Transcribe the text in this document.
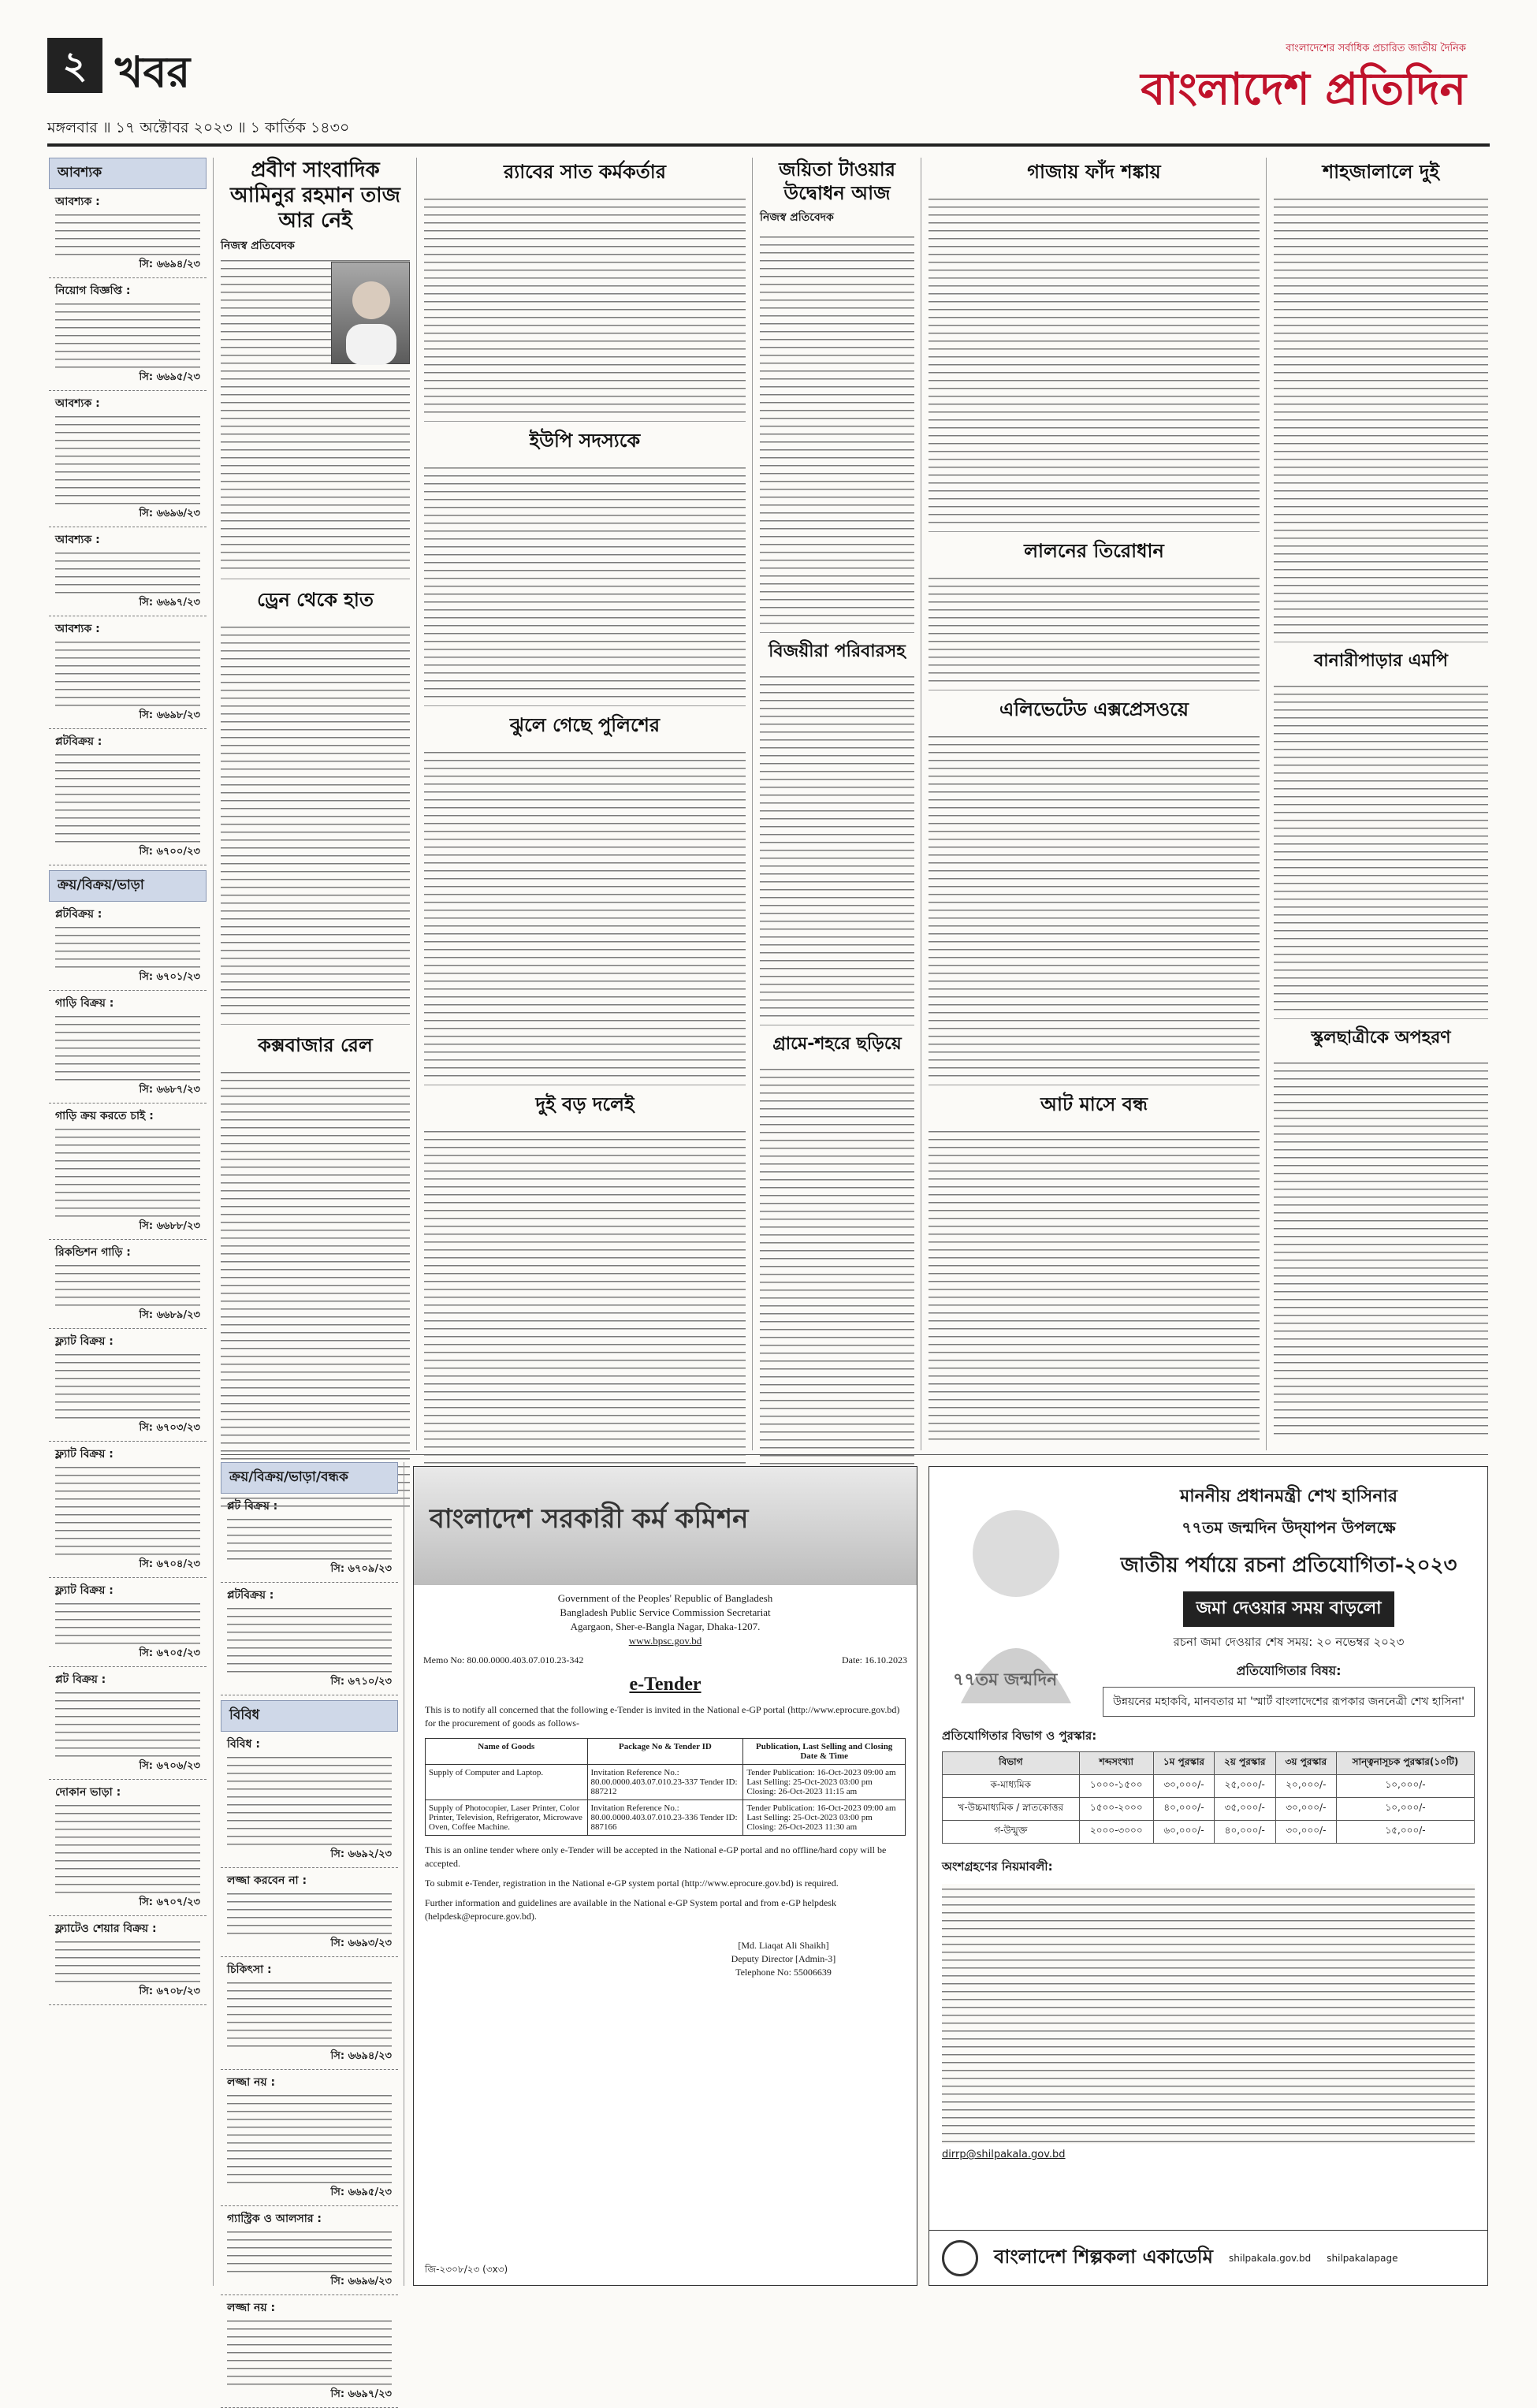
২ খবর
মঙ্গলবার ॥ ১৭ অক্টোবর ২০২৩ ॥ ১ কার্তিক ১৪৩০
বাংলাদেশের সর্বাধিক প্রচারিত জাতীয় দৈনিক
বাংলাদেশ প্রতিদিন
আবশ্যক
আবশ্যক :
সি: ৬৬৯৪/২৩
নিয়োগ বিজ্ঞপ্তি :
সি: ৬৬৯৫/২৩
আবশ্যক :
সি: ৬৬৯৬/২৩
আবশ্যক :
সি: ৬৬৯৭/২৩
আবশ্যক :
সি: ৬৬৯৮/২৩
প্লটবিক্রয় :
সি: ৬৭০০/২৩
ক্রয়/বিক্রয়/ভাড়া
প্লটবিক্রয় :
সি: ৬৭০১/২৩
গাড়ি বিক্রয় :
সি: ৬৬৮৭/২৩
গাড়ি ক্রয় করতে চাই :
সি: ৬৬৮৮/২৩
রিকন্ডিশন গাড়ি :
সি: ৬৬৮৯/২৩
ফ্ল্যাট বিক্রয় :
সি: ৬৭০৩/২৩
ফ্ল্যাট বিক্রয় :
সি: ৬৭০৪/২৩
ফ্ল্যাট বিক্রয় :
সি: ৬৭০৫/২৩
প্লট বিক্রয় :
সি: ৬৭০৬/২৩
দোকান ভাড়া :
সি: ৬৭০৭/২৩
ফ্ল্যাটেও শেয়ার বিক্রয় :
সি: ৬৭০৮/২৩
প্রবীণ সাংবাদিক আমিনুর রহমান তাজ আর নেই
নিজস্ব প্রতিবেদক
ড্রেন থেকে হাত
কক্সবাজার রেল
র‌্যাবের সাত কর্মকর্তার
ইউপি সদস্যকে
ঝুলে গেছে পুলিশের
দুই বড় দলেই
জয়িতা টাওয়ার উদ্বোধন আজ
নিজস্ব প্রতিবেদক
বিজয়ীরা পরিবারসহ
গ্রামে-শহরে ছড়িয়ে
গাজায় ফাঁদ শঙ্কায়
লালনের তিরোধান
এলিভেটেড এক্সপ্রেসওয়ে
আট মাসে বন্ধ
শাহজালালে দুই
বানারীপাড়ার এমপি
স্কুলছাত্রীকে অপহরণ
ক্রয়/বিক্রয়/ভাড়া/বন্ধক
প্লট বিক্রয় :
সি: ৬৭০৯/২৩
প্লটবিক্রয় :
সি: ৬৭১০/২৩
বিবিধ
বিবিধ :
সি: ৬৬৯২/২৩
লজ্জা করবেন না :
সি: ৬৬৯৩/২৩
চিকিৎসা :
সি: ৬৬৯৪/২৩
লজ্জা নয় :
সি: ৬৬৯৫/২৩
গ্যাস্ট্রিক ও আলসার :
সি: ৬৬৯৬/২৩
লজ্জা নয় :
সি: ৬৬৯৭/২৩
বাংলাদেশ সরকারী কর্ম কমিশন
Government of the Peoples' Republic of Bangladesh
Bangladesh Public Service Commission Secretariat
Agargaon, Sher-e-Bangla Nagar, Dhaka-1207.
www.bpsc.gov.bd
Memo No: 80.00.0000.403.07.010.23-342	Date: 16.10.2023
e-Tender
This is to notify all concerned that the following e-Tender is invited in the National e-GP portal (http://www.eprocure.gov.bd) for the procurement of goods as follows-
Name of Goods	Package No & Tender ID	Publication, Last Selling and Closing Date & Time
Supply of Computer and Laptop.	Invitation Reference No.: 80.00.0000.403.07.010.23-337 Tender ID: 887212	Tender Publication: 16-Oct-2023 09:00 am Last Selling: 25-Oct-2023 03:00 pm Closing: 26-Oct-2023 11:15 am
Supply of Photocopier, Laser Printer, Color Printer, Television, Refrigerator, Microwave Oven, Coffee Machine.	Invitation Reference No.: 80.00.0000.403.07.010.23-336 Tender ID: 887166	Tender Publication: 16-Oct-2023 09:00 am Last Selling: 25-Oct-2023 03:00 pm Closing: 26-Oct-2023 11:30 am

This is an online tender where only e-Tender will be accepted in the National e-GP portal and no offline/hard copy will be accepted.

To submit e-Tender, registration in the National e-GP system portal (http://www.eprocure.gov.bd) is required.

Further information and guidelines are available in the National e-GP System portal and from e-GP helpdesk (helpdesk@eprocure.gov.bd).

[Md. Liaqat Ali Shaikh]
Deputy Director [Admin-3]
Telephone No: 55006639
জি-২৩০৮/২৩ (৩x৩)
৭৭তম জন্মদিন
মাননীয় প্রধানমন্ত্রী শেখ হাসিনার
৭৭তম জন্মদিন উদ্‌যাপন উপলক্ষে
জাতীয় পর্যায়ে রচনা প্রতিযোগিতা-২০২৩
জমা দেওয়ার সময় বাড়লো
রচনা জমা দেওয়ার শেষ সময়: ২০ নভেম্বর ২০২৩
প্রতিযোগিতার বিষয়:
উন্নয়নের মহাকবি, মানবতার মা 'স্মার্ট বাংলাদেশের রূপকার জননেত্রী শেখ হাসিনা'
প্রতিযোগিতার বিভাগ ও পুরস্কার:
বিভাগ	শব্দসংখ্যা	১ম পুরস্কার	২য় পুরস্কার	৩য় পুরস্কার	সান্ত্বনাসূচক পুরস্কার(১০টি)
ক-মাধ্যমিক	১০০০-১৫০০	৩০,০০০/-	২৫,০০০/-	২০,০০০/-	১০,০০০/-
খ-উচ্চমাধ্যমিক / স্নাতকোত্তর	১৫০০-২০০০	৪০,০০০/-	৩৫,০০০/-	৩০,০০০/-	১০,০০০/-
গ-উন্মুক্ত	২০০০-৩০০০	৬০,০০০/-	৪০,০০০/-	৩০,০০০/-	১৫,০০০/-
অংশগ্রহণের নিয়মাবলী:
dirrp@shilpakala.gov.bd
বাংলাদেশ শিল্পকলা একাডেমি shilpakala.gov.bd shilpakalapage
